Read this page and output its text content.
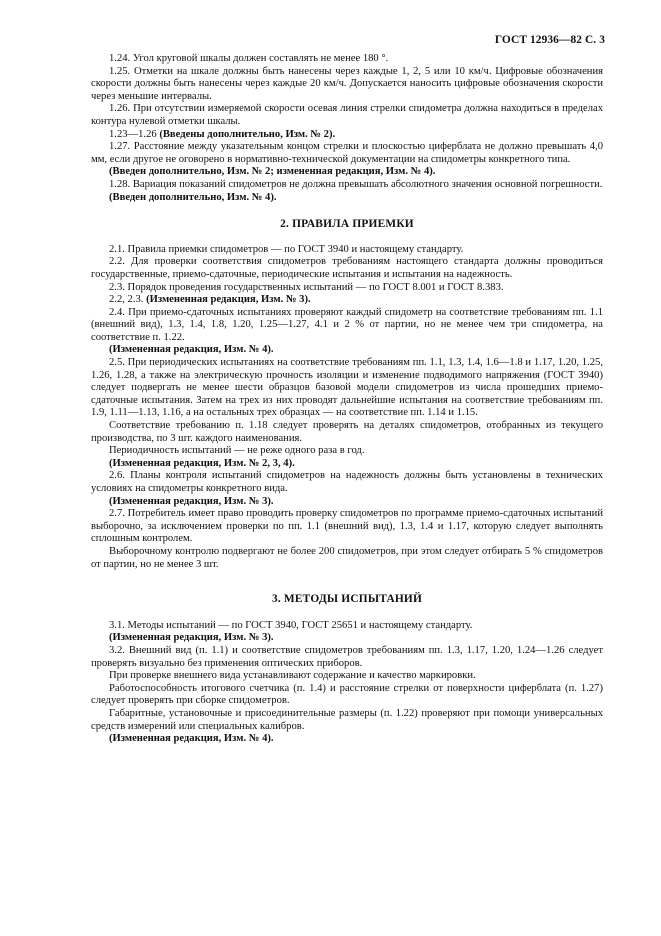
ГОСТ 12936—82 С. 3

1.24. Угол круговой шкалы должен составлять не менее 180 °.

1.25. Отметки на шкале должны быть нанесены через каждые 1, 2, 5 или 10 км/ч. Цифровые обозначения скорости должны быть нанесены через каждые 20 км/ч. Допускается наносить цифровые обозначения скорости через меньшие интервалы.

1.26. При отсутствии измеряемой скорости осевая линия стрелки спидометра должна находиться в пределах контура нулевой отметки шкалы.

1.23—1.26 (Введены дополнительно, Изм. № 2).

1.27. Расстояние между указательным концом стрелки и плоскостью циферблата не должно превышать 4,0 мм, если другое не оговорено в нормативно-технической документации на спидометры конкретного типа.

(Введен дополнительно, Изм. № 2; измененная редакция, Изм. № 4).

1.28. Вариация показаний спидометров не должна превышать абсолютного значения основной погрешности.

(Введен дополнительно, Изм. № 4).

2. ПРАВИЛА ПРИЕМКИ

2.1. Правила приемки спидометров — по ГОСТ 3940 и настоящему стандарту.

2.2. Для проверки соответствия спидометров требованиям настоящего стандарта должны проводиться государственные, приемо-сдаточные, периодические испытания и испытания на надежность.

2.3. Порядок проведения государственных испытаний — по ГОСТ 8.001 и ГОСТ 8.383.

2.2, 2.3. (Измененная редакция, Изм. № 3).

2.4. При приемо-сдаточных испытаниях проверяют каждый спидометр на соответствие требованиям пп. 1.1 (внешний вид), 1.3, 1.4, 1.8, 1.20, 1.25—1.27, 4.1 и 2 % от партии, но не менее чем три спидометра, на соответствие п. 1.22.

(Измененная редакция, Изм. № 4).

2.5. При периодических испытаниях на соответствие требованиям пп. 1.1, 1.3, 1.4, 1.6—1.8 и 1.17, 1.20, 1.25, 1.26, 1.28, а также на электрическую прочность изоляции и изменение подводимого напряжения (ГОСТ 3940) следует подвергать не менее шести образцов базовой модели спидометров из числа прошедших приемо-сдаточные испытания. Затем на трех из них проводят дальнейшие испытания на соответствие требованиям пп. 1.9, 1.11—1.13, 1.16, а на остальных трех образцах — на соответствие пп. 1.14 и 1.15.

Соответствие требованию п. 1.18 следует проверять на деталях спидометров, отобранных из текущего производства, по 3 шт. каждого наименования.

Периодичность испытаний — не реже одного раза в год.

(Измененная редакция, Изм. № 2, 3, 4).

2.6. Планы контроля испытаний спидометров на надежность должны быть установлены в технических условиях на спидометры конкретного вида.

(Измененная редакция, Изм. № 3).

2.7. Потребитель имеет право проводить проверку спидометров по программе приемо-сдаточных испытаний выборочно, за исключением проверки по пп. 1.1 (внешний вид), 1.3, 1.4 и 1.17, которую следует выполнять сплошным контролем.

Выборочному контролю подвергают не более 200 спидометров, при этом следует отбирать 5 % спидометров от партии, но не менее 3 шт.

3. МЕТОДЫ ИСПЫТАНИЙ

3.1. Методы испытаний — по ГОСТ 3940, ГОСТ 25651 и настоящему стандарту.

(Измененная редакция, Изм. № 3).

3.2. Внешний вид (п. 1.1) и соответствие спидометров требованиям пп. 1.3, 1.17, 1.20, 1.24—1.26 следует проверять визуально без применения оптических приборов.

При проверке внешнего вида устанавливают содержание и качество маркировки.

Работоспособность итогового счетчика (п. 1.4) и расстояние стрелки от поверхности циферблата (п. 1.27) следует проверять при сборке спидометров.

Габаритные, установочные и присоединительные размеры (п. 1.22) проверяют при помощи универсальных средств измерений или специальных калибров.

(Измененная редакция, Изм. № 4).
